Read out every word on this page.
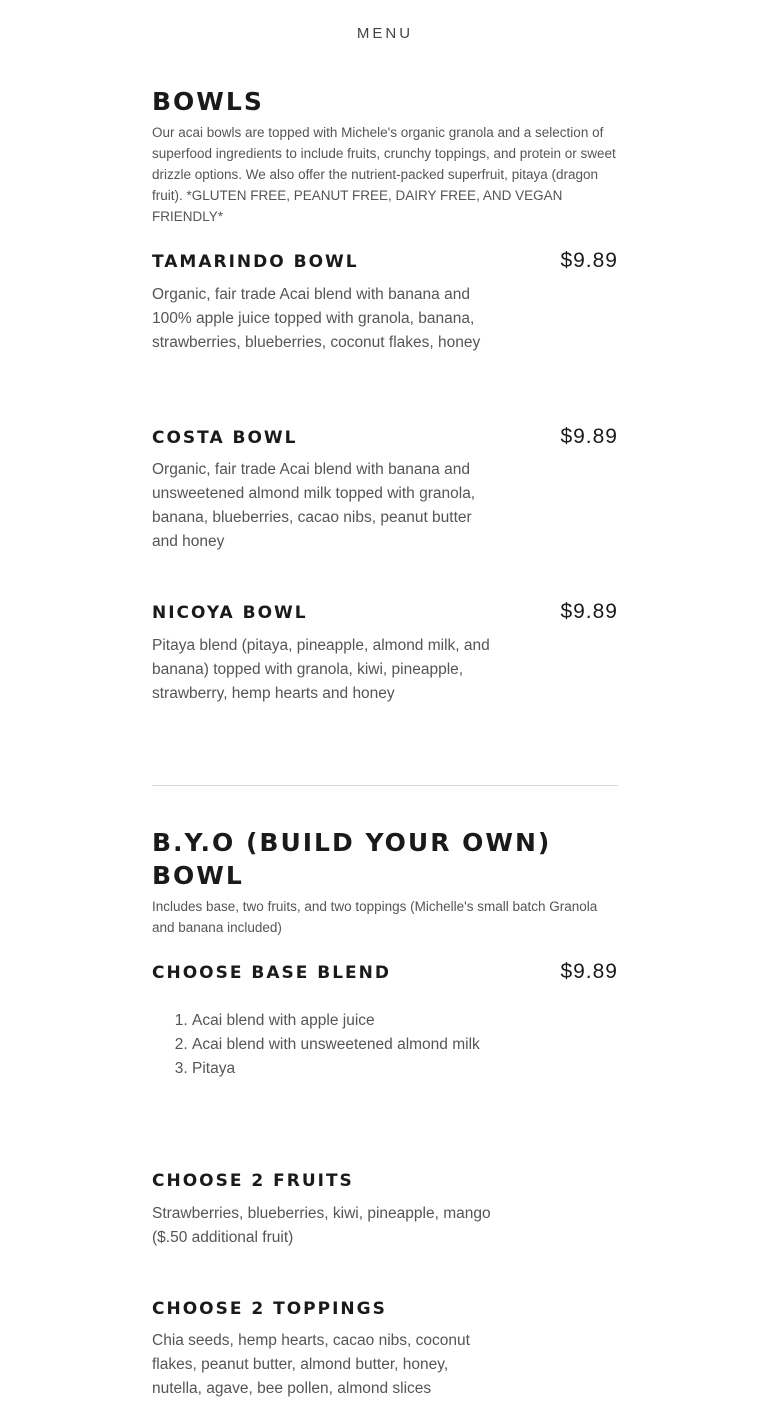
MENU
BOWLS

Our acai bowls are topped with Michele's organic granola and a selection of superfood ingredients to include fruits, crunchy toppings, and protein or sweet drizzle options. We also offer the nutrient-packed superfruit, pitaya (dragon fruit). *GLUTEN FREE, PEANUT FREE, DAIRY FREE, AND VEGAN FRIENDLY*

TAMARINDO BOWL	$9.89

Organic, fair trade Acai blend with banana and 100% apple juice topped with granola, banana, strawberries, blueberries, coconut flakes, honey

COSTA BOWL	$9.89

Organic, fair trade Acai blend with banana and unsweetened almond milk topped with granola, banana, blueberries, cacao nibs, peanut butter and honey

NICOYA BOWL	$9.89

Pitaya blend (pitaya, pineapple, almond milk, and banana) topped with granola, kiwi, pineapple, strawberry, hemp hearts and honey

B.Y.O (BUILD YOUR OWN)
BOWL

Includes base, two fruits, and two toppings (Michelle's small batch Granola and banana included)

CHOOSE BASE BLEND	$9.89
1. Acai blend with apple juice
2. Acai blend with unsweetened almond milk
3. Pitaya
CHOOSE 2 FRUITS

Strawberries, blueberries, kiwi, pineapple, mango ($.50 additional fruit)

CHOOSE 2 TOPPINGS

Chia seeds, hemp hearts, cacao nibs, coconut flakes, peanut butter, almond butter, honey, nutella, agave, bee pollen, almond slices
